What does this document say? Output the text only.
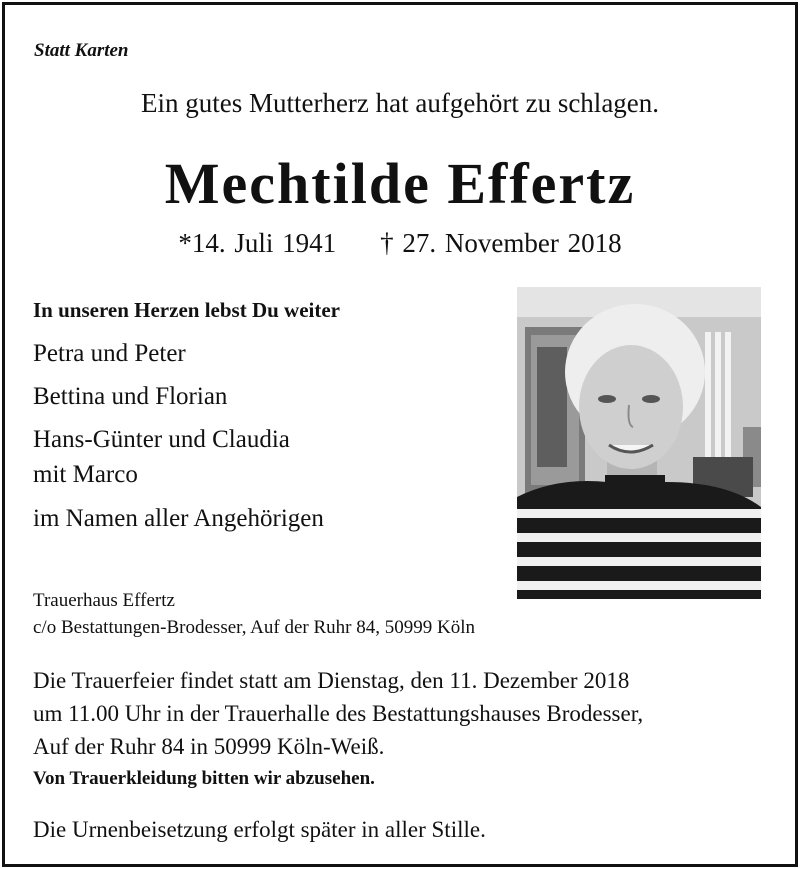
Statt Karten
Ein gutes Mutterherz hat aufgehört zu schlagen.
Mechtilde Effertz
*14. Juli 1941 † 27. November 2018
In unseren Herzen lebst Du weiter
Petra und Peter
Bettina und Florian
Hans-Günter und Claudia
mit Marco
im Namen aller Angehörigen
Trauerhaus Effertz
c/o Bestattungen-Brodesser, Auf der Ruhr 84, 50999 Köln
Die Trauerfeier findet statt am Dienstag, den 11. Dezember 2018
um 11.00 Uhr in der Trauerhalle des Bestattungshauses Brodesser,
Auf der Ruhr 84 in 50999 Köln-Weiß.
Von Trauerkleidung bitten wir abzusehen.
Die Urnenbeisetzung erfolgt später in aller Stille.
